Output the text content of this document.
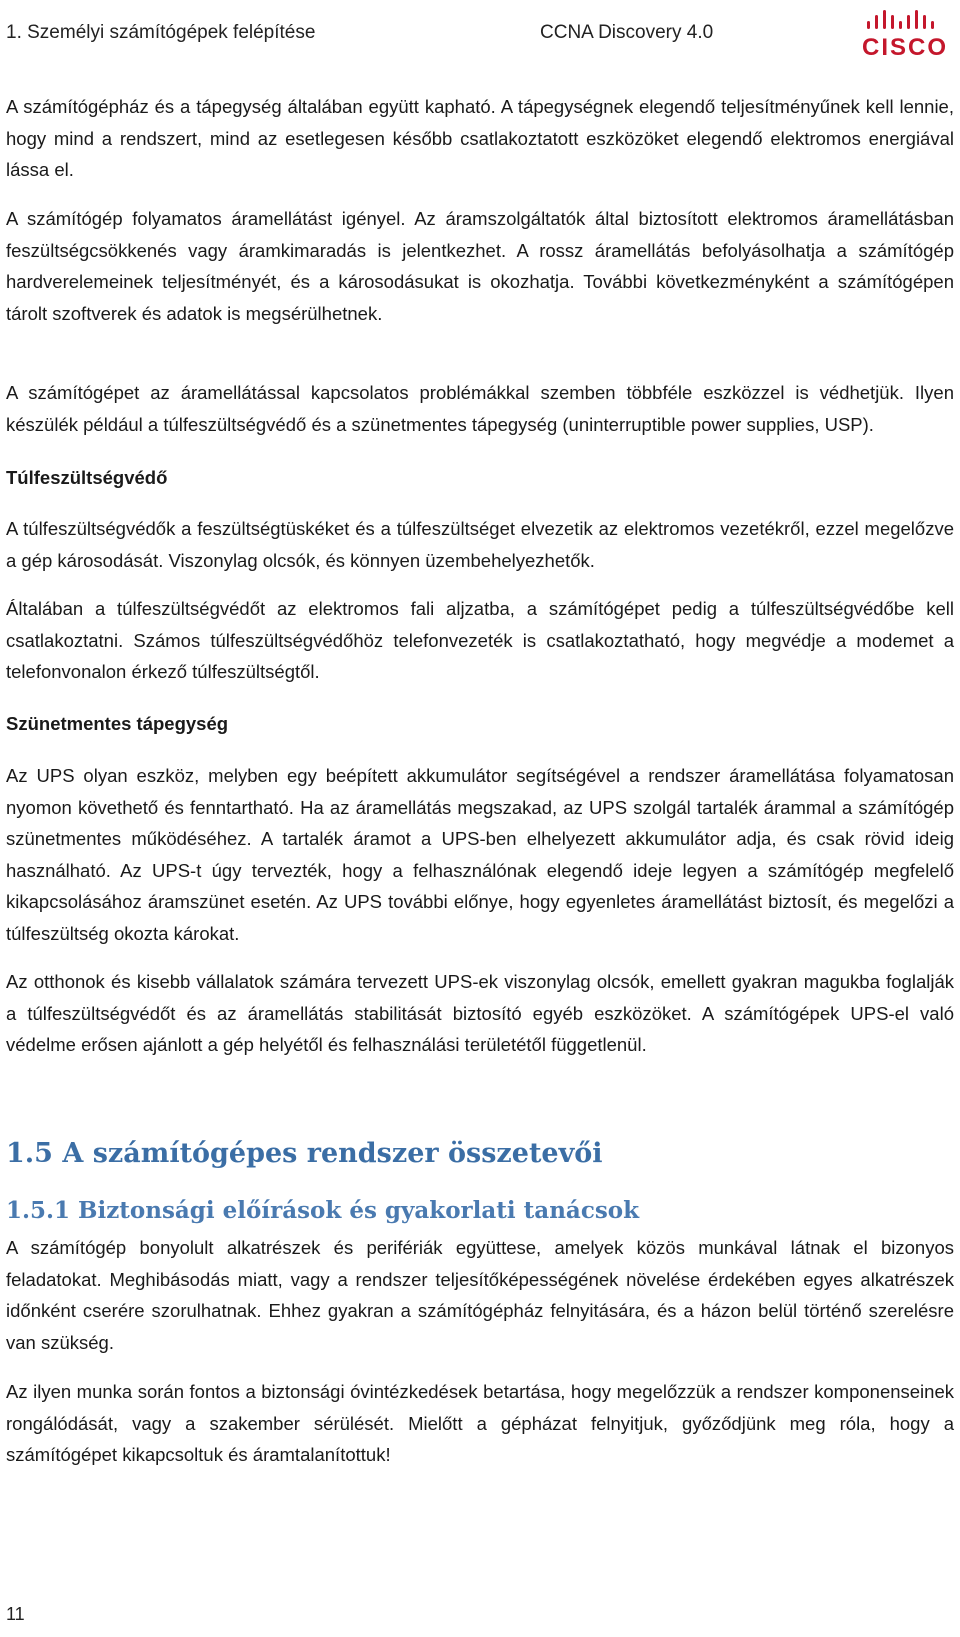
1. Személyi számítógépek felépítése	CCNA Discovery 4.0
CISCO

A számítógépház és a tápegység általában együtt kapható. A tápegységnek elegendő teljesítményűnek kell lennie, hogy mind a rendszert, mind az esetlegesen később csatlakoztatott eszközöket elegendő elektromos energiával lássa el.

A számítógép folyamatos áramellátást igényel. Az áramszolgáltatók által biztosított elektromos áramellátásban feszültségcsökkenés vagy áramkimaradás is jelentkezhet. A rossz áramellátás befolyásolhatja a számítógép hardverelemeinek teljesítményét, és a károsodásukat is okozhatja. További következményként a számítógépen tárolt szoftverek és adatok is megsérülhetnek.

A számítógépet az áramellátással kapcsolatos problémákkal szemben többféle eszközzel is védhetjük. Ilyen készülék például a túlfeszültségvédő és a szünetmentes tápegység (uninterruptible power supplies, USP).

Túlfeszültségvédő

A túlfeszültségvédők a feszültségtüskéket és a túlfeszültséget elvezetik az elektromos vezetékről, ezzel megelőzve a gép károsodását. Viszonylag olcsók, és könnyen üzembehelyezhetők.

Általában a túlfeszültségvédőt az elektromos fali aljzatba, a számítógépet pedig a túlfeszültségvédőbe kell csatlakoztatni. Számos túlfeszültségvédőhöz telefonvezeték is csatlakoztatható, hogy megvédje a modemet a telefonvonalon érkező túlfeszültségtől.

Szünetmentes tápegység

Az UPS olyan eszköz, melyben egy beépített akkumulátor segítségével a rendszer áramellátása folyamatosan nyomon követhető és fenntartható. Ha az áramellátás megszakad, az UPS szolgál tartalék árammal a számítógép szünetmentes működéséhez. A tartalék áramot a UPS-ben elhelyezett akkumulátor adja, és csak rövid ideig használható. Az UPS-t úgy tervezték, hogy a felhasználónak elegendő ideje legyen a számítógép megfelelő kikapcsolásához áramszünet esetén. Az UPS további előnye, hogy egyenletes áramellátást biztosít, és megelőzi a túlfeszültség okozta károkat.

Az otthonok és kisebb vállalatok számára tervezett UPS-ek viszonylag olcsók, emellett gyakran magukba foglalják a túlfeszültségvédőt és az áramellátás stabilitását biztosító egyéb eszközöket. A számítógépek UPS-el való védelme erősen ajánlott a gép helyétől és felhasználási területétől függetlenül.

1.5 A számítógépes rendszer összetevői
1.5.1 Biztonsági előírások és gyakorlati tanácsok

A számítógép bonyolult alkatrészek és perifériák együttese, amelyek közös munkával látnak el bizonyos feladatokat. Meghibásodás miatt, vagy a rendszer teljesítőképességének növelése érdekében egyes alkatrészek időnként cserére szorulhatnak. Ehhez gyakran a számítógépház felnyitására, és a házon belül történő szerelésre van szükség.

Az ilyen munka során fontos a biztonsági óvintézkedések betartása, hogy megelőzzük a rendszer komponenseinek rongálódását, vagy a szakember sérülését. Mielőtt a gépházat felnyitjuk, győződjünk meg róla, hogy a számítógépet kikapcsoltuk és áramtalanítottuk!

11
